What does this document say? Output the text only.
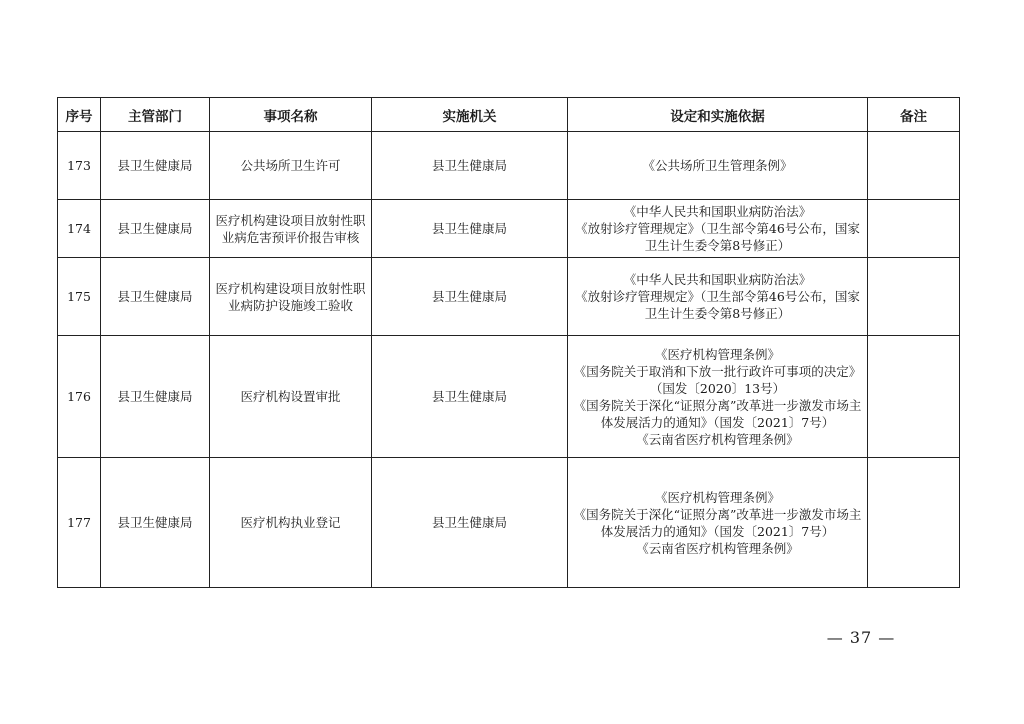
序号	主管部门	事项名称	实施机关	设定和实施依据	备注
173	县卫生健康局	公共场所卫生许可	县卫生健康局	《公共场所卫生管理条例》	

174	县卫生健康局	医疗机构建设项目放射性职业病危害预评价报告审核	县卫生健康局	《中华人民共和国职业病防治法》
《放射诊疗管理规定》（卫生部令第46号公布，国家卫生计生委令第8号修正）	

175	县卫生健康局	医疗机构建设项目放射性职业病防护设施竣工验收	县卫生健康局	《中华人民共和国职业病防治法》
《放射诊疗管理规定》（卫生部令第46号公布，国家卫生计生委令第8号修正）	

176	县卫生健康局	医疗机构设置审批	县卫生健康局	《医疗机构管理条例》
《国务院关于取消和下放一批行政许可事项的决定》（国发〔2020〕13号）
《国务院关于深化“证照分离”改革进一步激发市场主体发展活力的通知》（国发〔2021〕7号）
《云南省医疗机构管理条例》	

177	县卫生健康局	医疗机构执业登记	县卫生健康局	《医疗机构管理条例》
《国务院关于深化“证照分离”改革进一步激发市场主体发展活力的通知》（国发〔2021〕7号）
《云南省医疗机构管理条例》	

— 37 —
